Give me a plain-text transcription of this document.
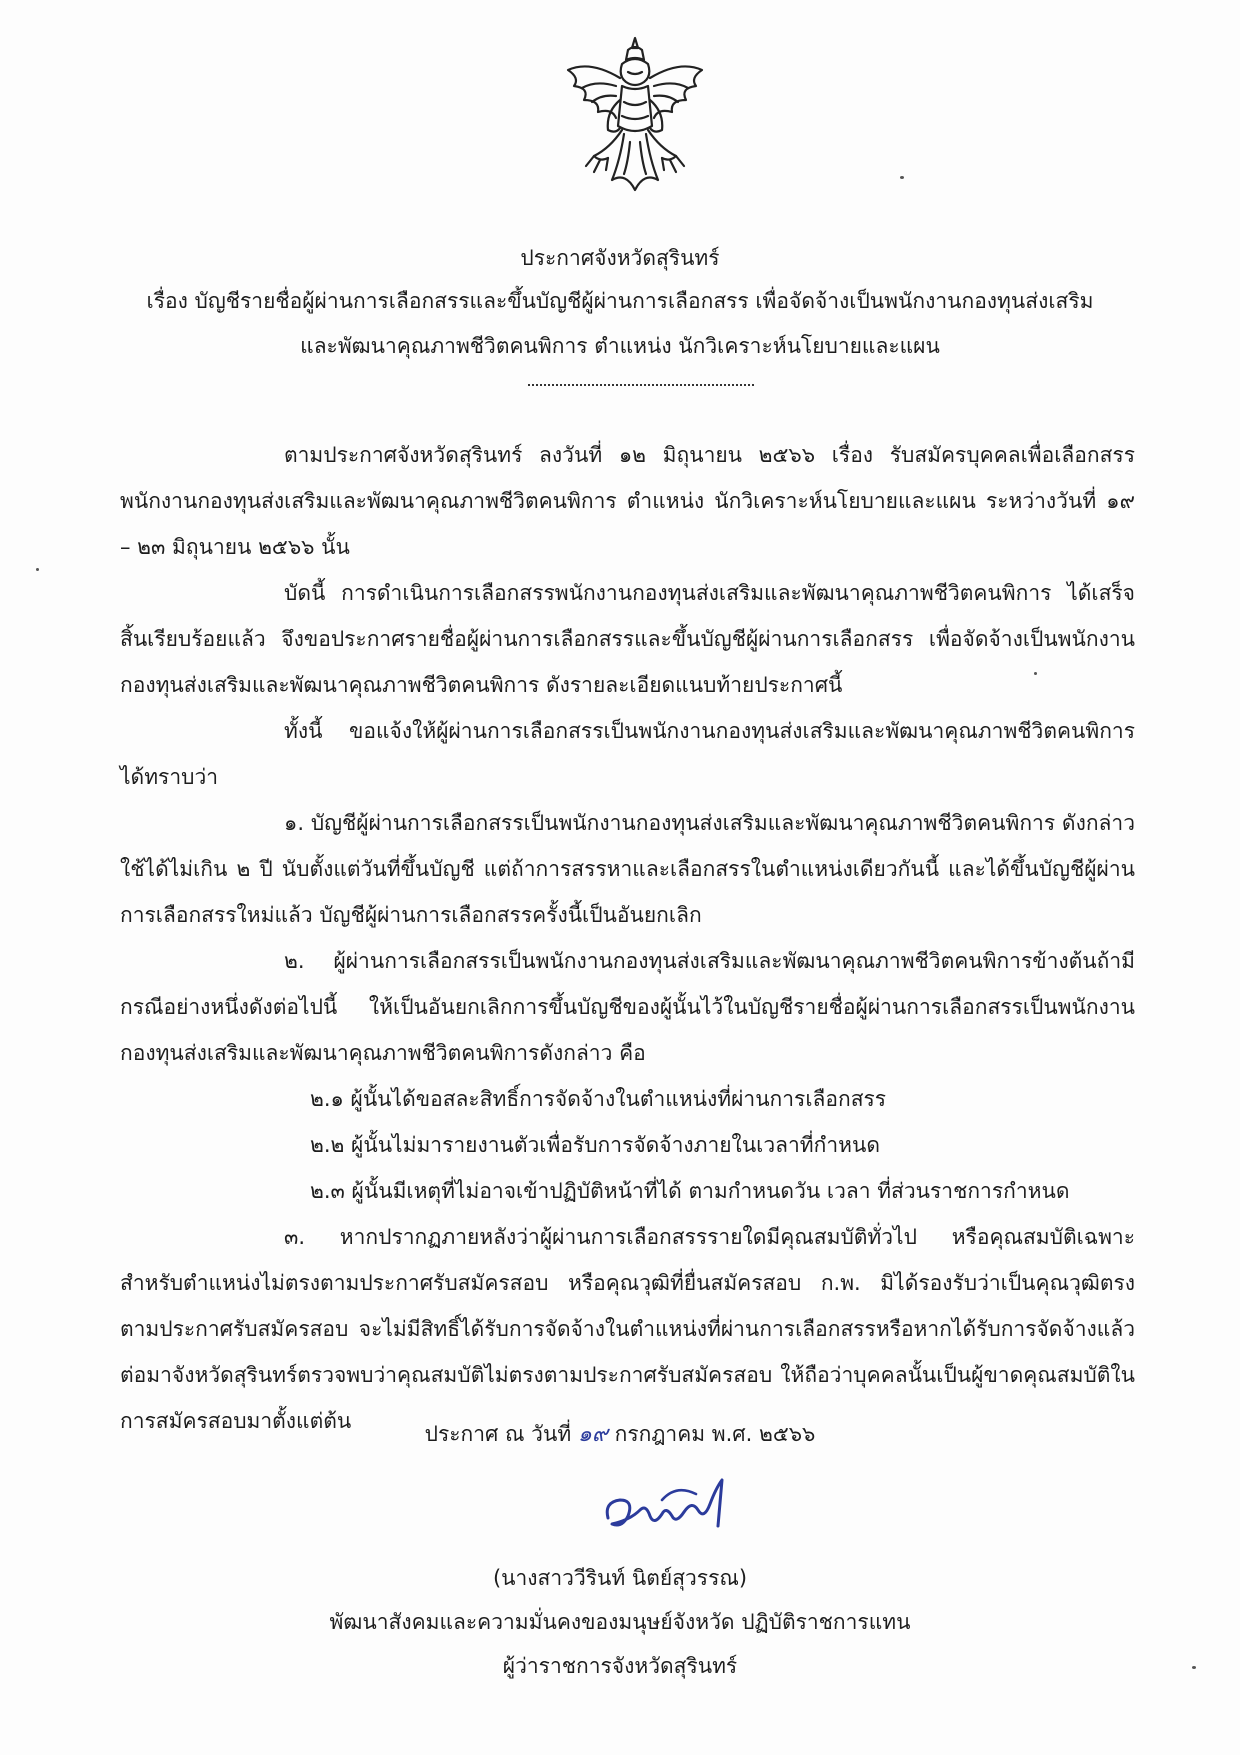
ประกาศจังหวัดสุรินทร์
เรื่อง บัญชีรายชื่อผู้ผ่านการเลือกสรรและขึ้นบัญชีผู้ผ่านการเลือกสรร เพื่อจัดจ้างเป็นพนักงานกองทุนส่งเสริม
และพัฒนาคุณภาพชีวิตคนพิการ ตำแหน่ง นักวิเคราะห์นโยบายและแผน

ตามประกาศจังหวัดสุรินทร์ ลงวันที่ ๑๒ มิถุนายน ๒๕๖๖ เรื่อง รับสมัครบุคคลเพื่อเลือกสรรพนักงานกองทุนส่งเสริมและพัฒนาคุณภาพชีวิตคนพิการ ตำแหน่ง นักวิเคราะห์นโยบายและแผน ระหว่างวันที่ ๑๙ – ๒๓ มิถุนายน ๒๕๖๖ นั้น

บัดนี้ การดำเนินการเลือกสรรพนักงานกองทุนส่งเสริมและพัฒนาคุณภาพชีวิตคนพิการ ได้เสร็จสิ้นเรียบร้อยแล้ว จึงขอประกาศรายชื่อผู้ผ่านการเลือกสรรและขึ้นบัญชีผู้ผ่านการเลือกสรร เพื่อจัดจ้างเป็นพนักงานกองทุนส่งเสริมและพัฒนาคุณภาพชีวิตคนพิการ ดังรายละเอียดแนบท้ายประกาศนี้

ทั้งนี้ ขอแจ้งให้ผู้ผ่านการเลือกสรรเป็นพนักงานกองทุนส่งเสริมและพัฒนาคุณภาพชีวิตคนพิการได้ทราบว่า

๑. บัญชีผู้ผ่านการเลือกสรรเป็นพนักงานกองทุนส่งเสริมและพัฒนาคุณภาพชีวิตคนพิการ ดังกล่าวใช้ได้ไม่เกิน ๒ ปี นับตั้งแต่วันที่ขึ้นบัญชี แต่ถ้าการสรรหาและเลือกสรรในตำแหน่งเดียวกันนี้ และได้ขึ้นบัญชีผู้ผ่านการเลือกสรรใหม่แล้ว บัญชีผู้ผ่านการเลือกสรรครั้งนี้เป็นอันยกเลิก

๒. ผู้ผ่านการเลือกสรรเป็นพนักงานกองทุนส่งเสริมและพัฒนาคุณภาพชีวิตคนพิการข้างต้นถ้ามีกรณีอย่างหนึ่งดังต่อไปนี้ ให้เป็นอันยกเลิกการขึ้นบัญชีของผู้นั้นไว้ในบัญชีรายชื่อผู้ผ่านการเลือกสรรเป็นพนักงานกองทุนส่งเสริมและพัฒนาคุณภาพชีวิตคนพิการดังกล่าว คือ

๒.๑ ผู้นั้นได้ขอสละสิทธิ์การจัดจ้างในตำแหน่งที่ผ่านการเลือกสรร

๒.๒ ผู้นั้นไม่มารายงานตัวเพื่อรับการจัดจ้างภายในเวลาที่กำหนด

๒.๓ ผู้นั้นมีเหตุที่ไม่อาจเข้าปฏิบัติหน้าที่ได้ ตามกำหนดวัน เวลา ที่ส่วนราชการกำหนด

๓. หากปรากฏภายหลังว่าผู้ผ่านการเลือกสรรรายใดมีคุณสมบัติทั่วไป หรือคุณสมบัติเฉพาะสำหรับตำแหน่งไม่ตรงตามประกาศรับสมัครสอบ หรือคุณวุฒิที่ยื่นสมัครสอบ ก.พ. มิได้รองรับว่าเป็นคุณวุฒิตรงตามประกาศรับสมัครสอบ จะไม่มีสิทธิ์ได้รับการจัดจ้างในตำแหน่งที่ผ่านการเลือกสรรหรือหากได้รับการจัดจ้างแล้วต่อมาจังหวัดสุรินทร์ตรวจพบว่าคุณสมบัติไม่ตรงตามประกาศรับสมัครสอบ ให้ถือว่าบุคคลนั้นเป็นผู้ขาดคุณสมบัติในการสมัครสอบมาตั้งแต่ต้น

ประกาศ ณ วันที่ ๑๙ กรกฎาคม พ.ศ. ๒๕๖๖
(นางสาววีรินท์ นิตย์สุวรรณ)
พัฒนาสังคมและความมั่นคงของมนุษย์จังหวัด ปฏิบัติราชการแทน
ผู้ว่าราชการจังหวัดสุรินทร์
